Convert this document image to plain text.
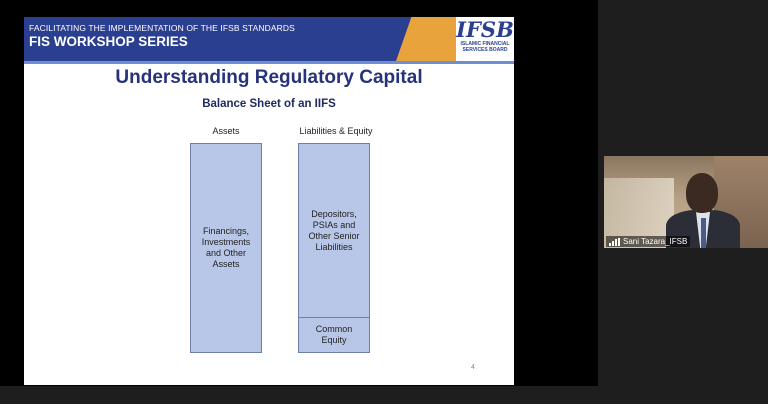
FACILITATING THE IMPLEMENTATION OF THE IFSB STANDARDS
FIS WORKSHOP SERIES	IFSB
ISLAMIC FINANCIAL
SERVICES BOARD
Understanding Regulatory Capital
Balance Sheet of an IIFS
Assets	Liabilities & Equity
Financings,
Investments
and Other
Assets
Depositors,
PSIAs and
Other Senior
Liabilities
Common
Equity
4
Sani Tazara_IFSB
